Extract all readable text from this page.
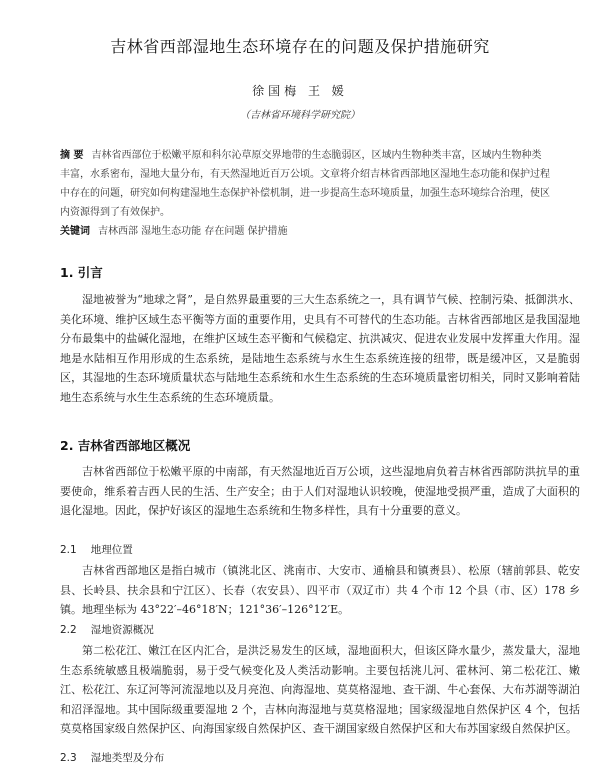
吉林省西部湿地生态环境存在的问题及保护措施研究
徐国梅 王 媛
（吉林省环境科学研究院）
摘 要 吉林省西部位于松嫩平原和科尔沁草原交界地带的生态脆弱区，区域内生物种类丰富，区域内生物种类丰富，水系密布，湿地大量分布，有天然湿地近百万公顷。文章将介绍吉林省西部地区湿地生态功能和保护过程中存在的问题，研究如何构建湿地生态保护补偿机制，进一步提高生态环境质量，加强生态环境综合治理，使区内资源得到了有效保护。
关键词 吉林西部 湿地生态功能 存在问题 保护措施
1. 引言
湿地被誉为“地球之肾”，是自然界最重要的三大生态系统之一，具有调节气候、控制污染、抵御洪水、美化环境、维护区域生态平衡等方面的重要作用，史具有不可替代的生态功能。吉林省西部地区是我国湿地分布最集中的盐碱化湿地，在维护区域生态平衡和气候稳定、抗洪减灾、促进农业发展中发挥重大作用。湿地是水陆相互作用形成的生态系统，是陆地生态系统与水生生态系统连接的纽带，既是缓冲区，又是脆弱区，其湿地的生态环境质量状态与陆地生态系统和水生生态系统的生态环境质量密切相关，同时又影响着陆地生态系统与水生生态系统的生态环境质量。
2. 吉林省西部地区概况
吉林省西部位于松嫩平原的中南部，有天然湿地近百万公顷，这些湿地肩负着吉林省西部防洪抗旱的重要使命，维系着吉西人民的生活、生产安全；由于人们对湿地认识较晚，使湿地受损严重，造成了大面积的退化湿地。因此，保护好该区的湿地生态系统和生物多样性，具有十分重要的意义。
2.1 地理位置
吉林省西部地区是指白城市（镇洮北区、洮南市、大安市、通榆县和镇赉县）、松原（辖前郭县、乾安县、长岭县、扶余县和宁江区）、长春（农安县）、四平市（双辽市）共 4 个市 12 个县（市、区）178 乡镇。地理坐标为 43°22′–46°18′N；121°36′–126°12′E。
2.2 湿地资源概况
第二松花江、嫩江在区内汇合，是洪泛易发生的区域，湿地面积大，但该区降水量少，蒸发量大，湿地生态系统敏感且极端脆弱，易于受气候变化及人类活动影响。主要包括洮儿河、霍林河、第二松花江、嫩江、松花江、东辽河等河流湿地以及月亮泡、向海湿地、莫莫格湿地、查干湖、牛心套保、大布苏湖等湖泊和沼泽湿地。其中国际级重要湿地 2 个，吉林向海湿地与莫莫格湿地；国家级湿地自然保护区 4 个，包括莫莫格国家级自然保护区、向海国家级自然保护区、查干湖国家级自然保护区和大布苏国家级自然保护区。
2.3 湿地类型及分布
